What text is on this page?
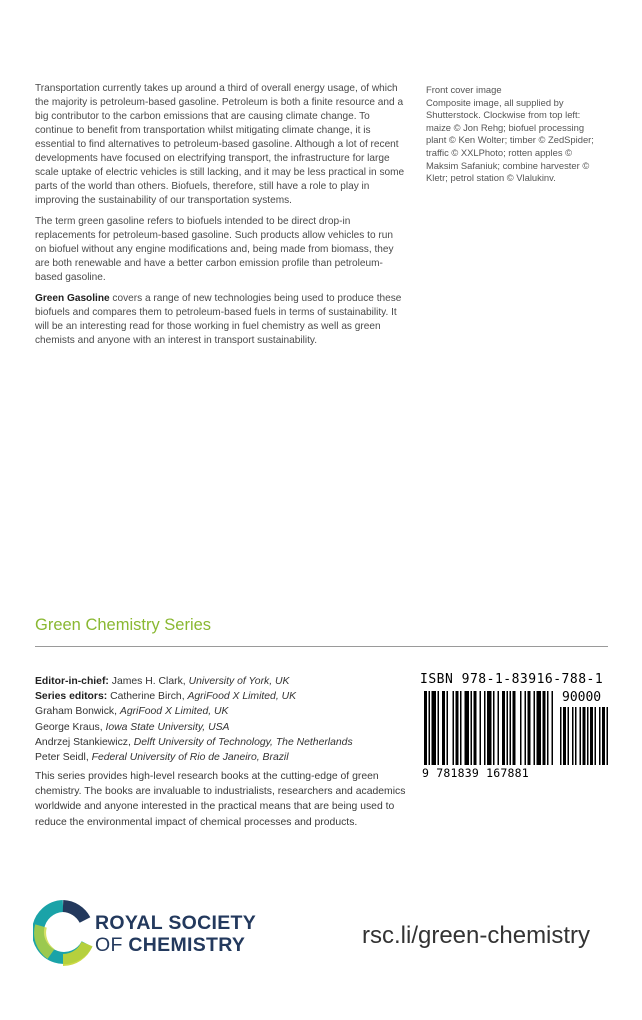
Transportation currently takes up around a third of overall energy usage, of which the majority is petroleum-based gasoline. Petroleum is both a finite resource and a big contributor to the carbon emissions that are causing climate change. To continue to benefit from transportation whilst mitigating climate change, it is essential to find alternatives to petroleum-based gasoline. Although a lot of recent developments have focused on electrifying transport, the infrastructure for large scale uptake of electric vehicles is still lacking, and it may be less practical in some parts of the world than others. Biofuels, therefore, still have a role to play in improving the sustainability of our transportation systems.

The term green gasoline refers to biofuels intended to be direct drop-in replacements for petroleum-based gasoline. Such products allow vehicles to run on biofuel without any engine modifications and, being made from biomass, they are both renewable and have a better carbon emission profile than petroleum-based gasoline.

Green Gasoline covers a range of new technologies being used to produce these biofuels and compares them to petroleum-based fuels in terms of sustainability. It will be an interesting read for those working in fuel chemistry as well as green chemists and anyone with an interest in transport sustainability.

Front cover image
Composite image, all supplied by Shutterstock. Clockwise from top left: maize © Jon Rehg; biofuel processing plant © Ken Wolter; timber © ZedSpider; traffic © XXLPhoto; rotten apples © Maksim Safaniuk; combine harvester © Kletr; petrol station © Vlalukinv.
Green Chemistry Series
Editor-in-chief: James H. Clark, University of York, UK
Series editors: Catherine Birch, AgriFood X Limited, UK
Graham Bonwick, AgriFood X Limited, UK
George Kraus, Iowa State University, USA
Andrzej Stankiewicz, Delft University of Technology, The Netherlands
Peter Seidl, Federal University of Rio de Janeiro, Brazil
This series provides high-level research books at the cutting-edge of green chemistry. The books are invaluable to industrialists, researchers and academics worldwide and anyone interested in the practical means that are being used to reduce the environmental impact of chemical processes and products.
ISBN 978-1-83916-788-1
90000
9 781839 167881
ROYAL SOCIETY
OF CHEMISTRY	rsc.li/green-chemistry
